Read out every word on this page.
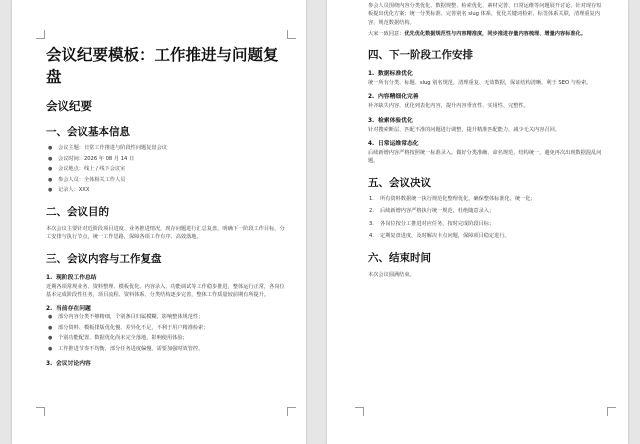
会议纪要模板：工作推进与问题复盘
会议纪要
一、会议基本信息
● 会议主题：日常工作推进与阶段性问题复盘会议
● 会议时间：2026 年 08 月 14 日
● 会议地点：线上 / 线下会议室
● 参会人员：全体相关工作人员
● 记录人：XXX
二、会议目的

本次会议主要针对近阶段项目进度、业务推进情况，现存问题进行汇总复盘，明确下一阶段工作目标，分工安排与执行节点，统一工作思路，保障各项工作有序、高效落地。

三、会议内容与工作复盘
1. 现阶段工作总结

近期各项常规业务、资料整理、模板优化、内容录入、功能调试等工作稳步推进，整体运行正常，各岗位基本完成阶段性任务，项目流程、资料体系、分类结构逐步完善，整体工作质量较前期有所提升。

2. 当前存在问题
● 部分内容分类不够精细，个别条目归属模糊，影响整体规范性；
● 部分资料、模板排版优化慢、差异化不足，不利于用户精准检索；
● 个别功能配置、数据优化尚未完全落地，影响使用体验；
● 工作推进节奏不均衡，部分任务进度偏慢，需要加强时效管控。
3. 会议讨论内容

参会人员围绕内容分类优化、数据规整、检索优化、素材完善、日常运维等问题展开讨论，针对现存短板提出优化方案；统一分类标准、完善别名 slug 体系，优化关键词检索、标签体系关联，清理重复内容，规范数据结构。

大家一致同意：优先优化数据规范性与内容精准度，同步推进存量内容梳理、增量内容标准化。

四、下一阶段工作安排
1. 数据标准优化

统一所有分类、标题、slug 别名规范，清理重复、无效数据，保证结构清晰，利于 SEO 与检索。

2. 内容精细化完善

补齐缺失内容，优化列表化内容，提升内容垂直性、实用性、完整性。

3. 检索体验优化

针对搜索断层、匹配不准的问题进行调整，提升精准匹配能力，减少无关内容召回。

4. 日常运维常态化

后续新增内容严格按照统一标准录入，做好分类准确、命名规范、结构统一，避免再次出现数据混乱问题。

五、会议决议
1. 所有资料数据统一执行规范化整理优化，确保整体标准化、统一化；
2. 后续新增内容严格执行统一规范，杜绝随意录入；
3. 各岗位按分工推进对应任务，按时完成阶段目标；
4. 定期复盘进度，及时解决卡点问题，保障项目稳定进行。
六、结束时间

本次会议圆满结束。
